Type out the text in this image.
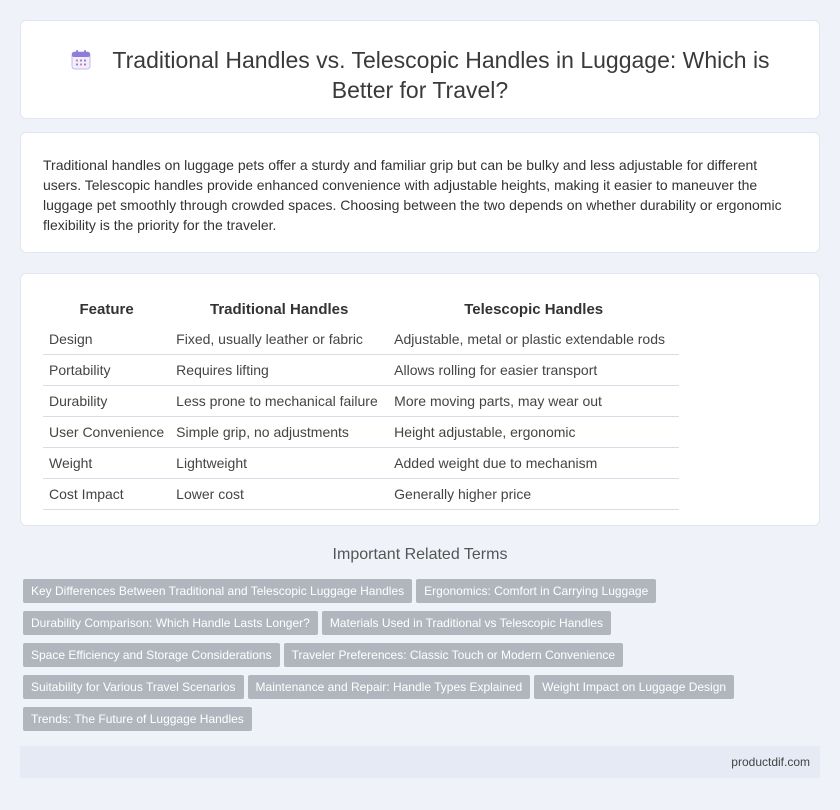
Traditional Handles vs. Telescopic Handles in Luggage: Which is Better for Travel?

Traditional handles on luggage pets offer a sturdy and familiar grip but can be bulky and less adjustable for different users. Telescopic handles provide enhanced convenience with adjustable heights, making it easier to maneuver the luggage pet smoothly through crowded spaces. Choosing between the two depends on whether durability or ergonomic flexibility is the priority for the traveler.

Feature	Traditional Handles	Telescopic Handles
Design	Fixed, usually leather or fabric	Adjustable, metal or plastic extendable rods
Portability	Requires lifting	Allows rolling for easier transport
Durability	Less prone to mechanical failure	More moving parts, may wear out
User Convenience	Simple grip, no adjustments	Height adjustable, ergonomic
Weight	Lightweight	Added weight due to mechanism
Cost Impact	Lower cost	Generally higher price
Important Related Terms
Key Differences Between Traditional and Telescopic Luggage Handles Ergonomics: Comfort in Carrying Luggage
Durability Comparison: Which Handle Lasts Longer? Materials Used in Traditional vs Telescopic Handles
Space Efficiency and Storage Considerations Traveler Preferences: Classic Touch or Modern Convenience
Suitability for Various Travel Scenarios Maintenance and Repair: Handle Types Explained Weight Impact on Luggage Design
Trends: The Future of Luggage Handles
productdif.com
